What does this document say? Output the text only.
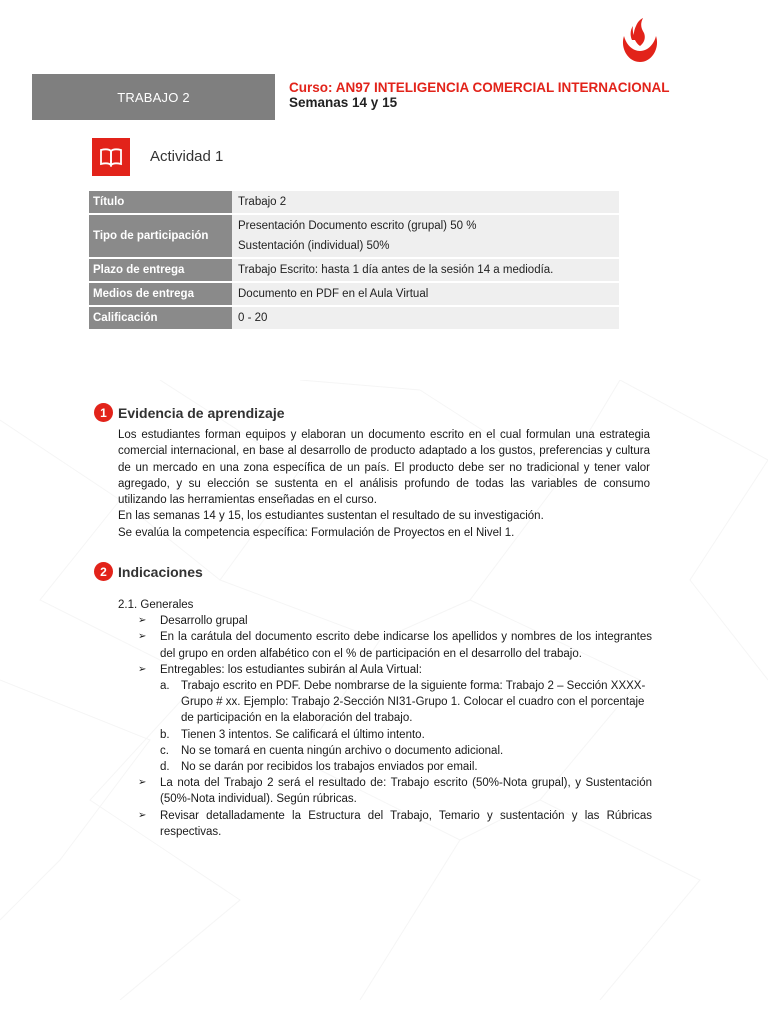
TRABAJO 2
Curso: AN97 INTELIGENCIA COMERCIAL INTERNACIONAL
Semanas 14 y 15
Actividad 1
Título	Trabajo 2

Tipo de participación	Presentación Documento escrito (grupal) 50 %
Sustentación (individual) 50%

Plazo de entrega	Trabajo Escrito: hasta 1 día antes de la sesión 14 a mediodía.

Medios de entrega	Documento en PDF en el Aula Virtual

Calificación	0 - 20
1 Evidencia de aprendizaje

Los estudiantes forman equipos y elaboran un documento escrito en el cual formulan una estrategia comercial internacional, en base al desarrollo de producto adaptado a los gustos, preferencias y cultura de un mercado en una zona específica de un país. El producto debe ser no tradicional y tener valor agregado, y su elección se sustenta en el análisis profundo de todas las variables de consumo utilizando las herramientas enseñadas en el curso.

En las semanas 14 y 15, los estudiantes sustentan el resultado de su investigación.

Se evalúa la competencia específica: Formulación de Proyectos en el Nivel 1.

2 Indicaciones

2.1. Generales

➢ Desarrollo grupal
➢ En la carátula del documento escrito debe indicarse los apellidos y nombres de los integrantes del grupo en orden alfabético con el % de participación en el desarrollo del trabajo.
➢ Entregables: los estudiantes subirán al Aula Virtual:
a. Trabajo escrito en PDF. Debe nombrarse de la siguiente forma: Trabajo 2 – Sección XXXX-Grupo # xx. Ejemplo: Trabajo 2-Sección NI31-Grupo 1. Colocar el cuadro con el porcentaje de participación en la elaboración del trabajo.
b. Tienen 3 intentos. Se calificará el último intento.
c. No se tomará en cuenta ningún archivo o documento adicional.
d. No se darán por recibidos los trabajos enviados por email.
➢ La nota del Trabajo 2 será el resultado de: Trabajo escrito (50%-Nota grupal), y Sustentación (50%-Nota individual). Según rúbricas.
➢ Revisar detalladamente la Estructura del Trabajo, Temario y sustentación y las Rúbricas respectivas.
